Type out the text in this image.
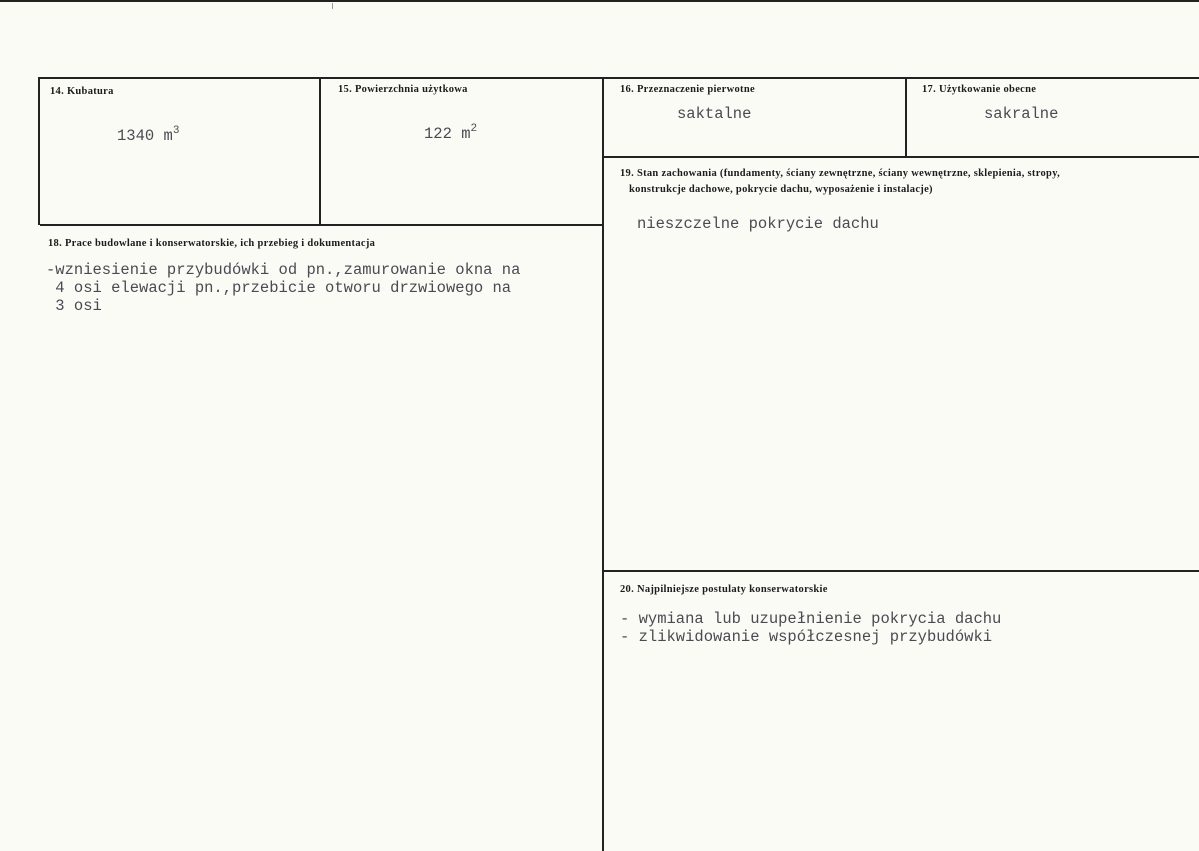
14. Kubatura
1340 $m^3$
15. Powierzchnia użytkowa
122 $m^2$
16. Przeznaczenie pierwotne
saktalne
17. Użytkowanie obecne
sakralne
19. Stan zachowania (fundamenty, ściany zewnętrzne, ściany wewnętrzne, sklepienia, stropy,
konstrukcje dachowe, pokrycie dachu, wyposażenie i instalacje)
nieszczelne pokrycie dachu
18. Prace budowlane i konserwatorskie, ich przebieg i dokumentacja
-wzniesienie przybudówki od pn.,zamurowanie okna na
4 osi elewacji pn.,przebicie otworu drzwiowego na
3 osi
20. Najpilniejsze postulaty konserwatorskie
- wymiana lub uzupełnienie pokrycia dachu
- zlikwidowanie współczesnej przybudówki
